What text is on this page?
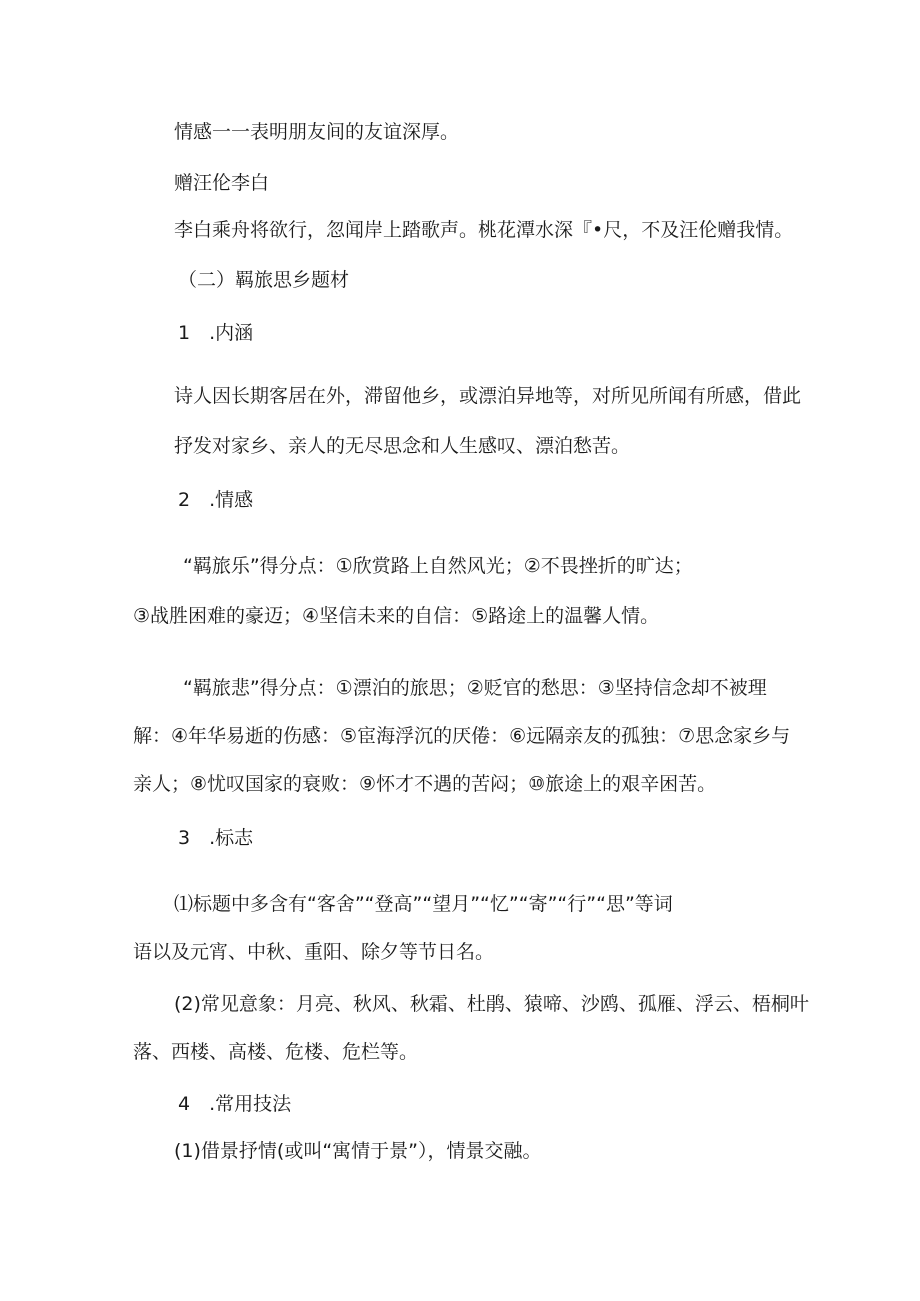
情感一一表明朋友间的友谊深厚。

赠汪伦李白

李白乘舟将欲行，忽闻岸上踏歌声。桃花潭水深『•尺，不及汪伦赠我情。

（二）羁旅思乡题材

1　.内涵

诗人因长期客居在外，滞留他乡，或漂泊异地等，对所见所闻有所感，借此

抒发对家乡、亲人的无尽思念和人生感叹、漂泊愁苦。

2　.情感

“羁旅乐”得分点：①欣赏路上自然风光；②不畏挫折的旷达；

③战胜困难的豪迈；④坚信未来的自信：⑤路途上的温馨人情。

“羁旅悲”得分点：①漂泊的旅思；②贬官的愁思：③坚持信念却不被理

解：④年华易逝的伤感：⑤宦海浮沉的厌倦：⑥远隔亲友的孤独：⑦思念家乡与

亲人；⑧忧叹国家的衰败：⑨怀才不遇的苦闷；⑩旅途上的艰辛困苦。

3　.标志

⑴标题中多含有“客舍”“登高”“望月”“忆”“寄”“行”“思”等词

语以及元宵、中秋、重阳、除夕等节日名。

(2)常见意象：月亮、秋风、秋霜、杜鹃、猿啼、沙鸥、孤雁、浮云、梧桐叶

落、西楼、高楼、危楼、危栏等。

4　.常用技法

(1)借景抒情(或叫“寓情于景”），情景交融。
